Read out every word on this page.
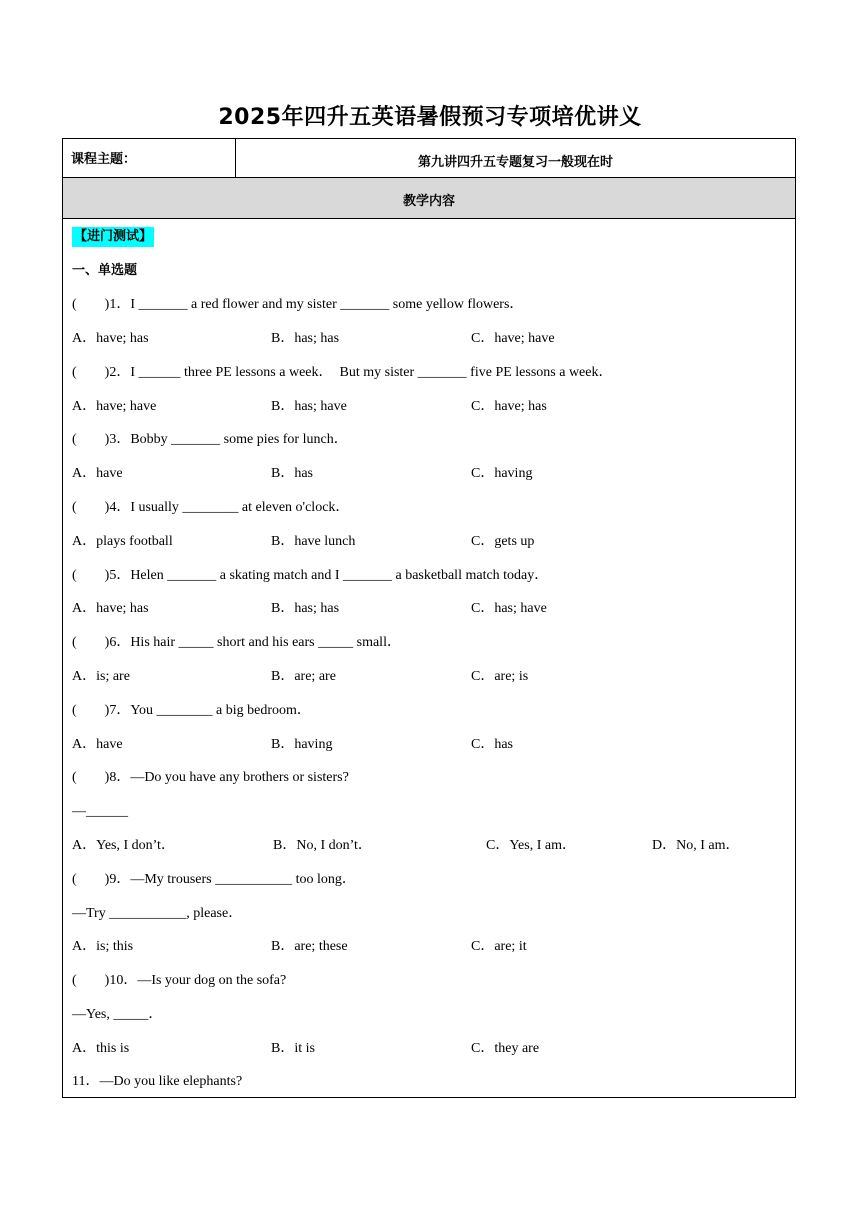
2025年四升五英语暑假预习专项培优讲义
课程主题：	第九讲四升五专题复习一般现在时
教学内容
【进门测试】
一、单选题
(　　)1．I _______ a red flower and my sister _______ some yellow flowers．
A．have; has	B．has; has	C．have; have
(　　)2．I ______ three PE lessons a week．　But my sister _______ five PE lessons a week．
A．have; have	B．has; have	C．have; has
(　　)3．Bobby _______ some pies for lunch．
A．have	B．has	C．having
(　　)4．I usually ________ at eleven o'clock．
A．plays football	B．have lunch	C．gets up
(　　)5．Helen _______ a skating match and I _______ a basketball match today．
A．have; has	B．has; has	C．has; have
(　　)6．His hair _____ short and his ears _____ small．
A．is; are	B．are; are	C．are; is
(　　)7．You ________ a big bedroom．
A．have	B．having	C．has
(　　)8．—Do you have any brothers or sisters?
—______
A．Yes, I don’t．	B．No, I don’t．	C．Yes, I am．	D．No, I am．
(　　)9．—My trousers ___________ too long．
—Try ___________, please．
A．is; this	B．are; these	C．are; it
(　　)10．—Is your dog on the sofa?
—Yes, _____．
A．this is	B．it is	C．they are
11．—Do you like elephants?
